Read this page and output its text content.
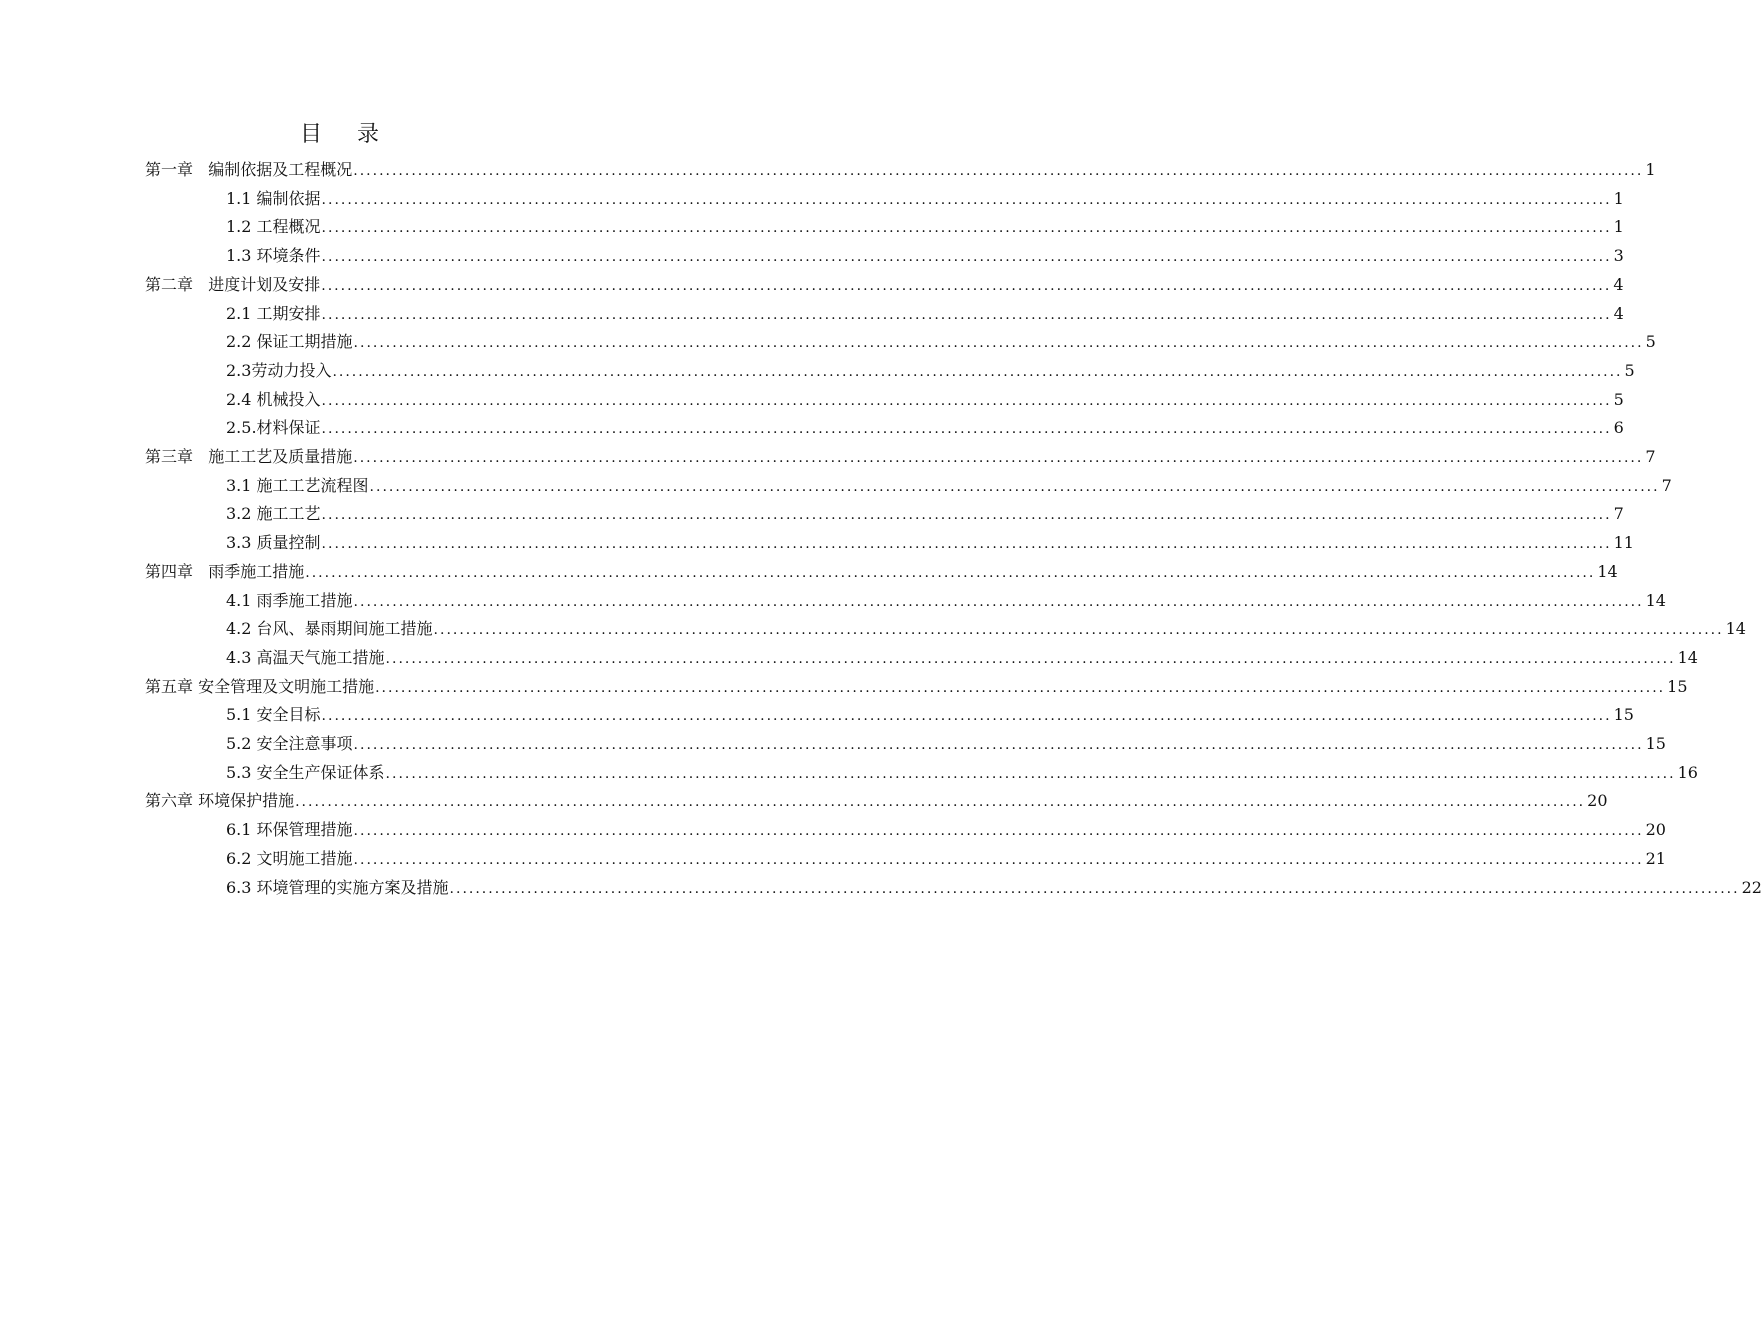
目 录
第一章   编制依据及工程概况 ........................................................................................................................................................................................................ 1
1.1 编制依据 ........................................................................................................................................................................................................ 1
1.2 工程概况 ........................................................................................................................................................................................................ 1
1.3 环境条件 ........................................................................................................................................................................................................ 3
第二章   进度计划及安排 ........................................................................................................................................................................................................ 4
2.1 工期安排 ........................................................................................................................................................................................................ 4
2.2 保证工期措施 ........................................................................................................................................................................................................ 5
2.3劳动力投入 ........................................................................................................................................................................................................ 5
2.4 机械投入 ........................................................................................................................................................................................................ 5
2.5.材料保证 ........................................................................................................................................................................................................ 6
第三章   施工工艺及质量措施 ........................................................................................................................................................................................................ 7
3.1 施工工艺流程图 ........................................................................................................................................................................................................ 7
3.2 施工工艺 ........................................................................................................................................................................................................ 7
3.3 质量控制 ........................................................................................................................................................................................................ 11
第四章   雨季施工措施 ........................................................................................................................................................................................................ 14
4.1 雨季施工措施 ........................................................................................................................................................................................................ 14
4.2 台风、暴雨期间施工措施 ........................................................................................................................................................................................................ 14
4.3 高温天气施工措施 ........................................................................................................................................................................................................ 14
第五章 安全管理及文明施工措施 ........................................................................................................................................................................................................ 15
5.1 安全目标 ........................................................................................................................................................................................................ 15
5.2 安全注意事项 ........................................................................................................................................................................................................ 15
5.3 安全生产保证体系 ........................................................................................................................................................................................................ 16
第六章 环境保护措施 ........................................................................................................................................................................................................ 20
6.1 环保管理措施 ........................................................................................................................................................................................................ 20
6.2 文明施工措施 ........................................................................................................................................................................................................ 21
6.3 环境管理的实施方案及措施 ........................................................................................................................................................................................................ 22
